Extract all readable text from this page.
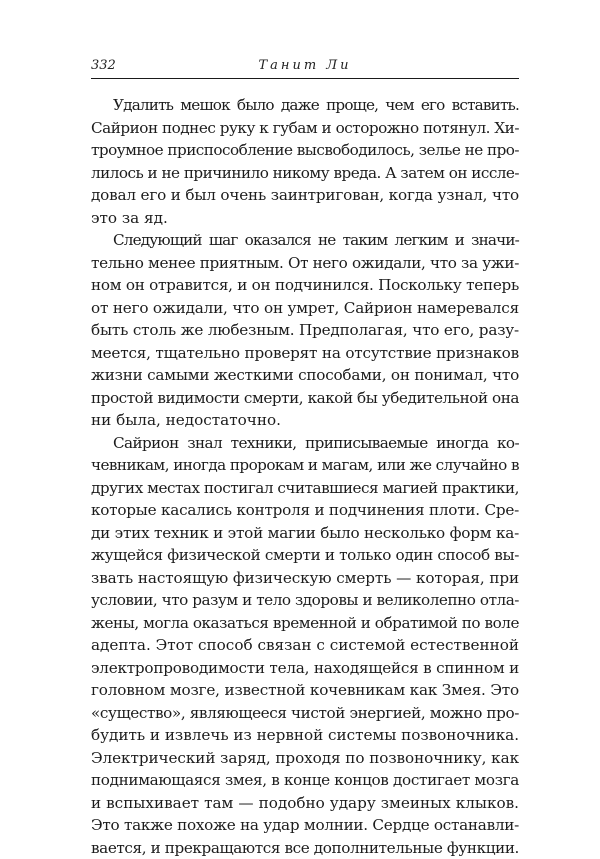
332	Танит Ли

Удалить мешок было даже проще, чем его вставить.
Сайрион поднес руку к губам и осторожно потянул. Хи-
троумное приспособление высвободилось, зелье не про-
лилось и не причинило никому вреда. А затем он иссле-
довал его и был очень заинтригован, когда узнал, что
это за яд.

Следующий шаг оказался не таким легким и значи-
тельно менее приятным. От него ожидали, что за ужи-
ном он отравится, и он подчинился. Поскольку теперь
от него ожидали, что он умрет, Сайрион намеревался
быть столь же любезным. Предполагая, что его, разу-
меется, тщательно проверят на отсутствие признаков
жизни самыми жесткими способами, он понимал, что
простой видимости смерти, какой бы убедительной она
ни была, недостаточно.

Сайрион знал техники, приписываемые иногда ко-
чевникам, иногда пророкам и магам, или же случайно в
других местах постигал считавшиеся магией практики,
которые касались контроля и подчинения плоти. Сре-
ди этих техник и этой магии было несколько форм ка-
жущейся физической смерти и только один способ вы-
звать настоящую физическую смерть — которая, при
условии, что разум и тело здоровы и великолепно отла-
жены, могла оказаться временной и обратимой по воле
адепта. Этот способ связан с системой естественной
электропроводимости тела, находящейся в спинном и
головном мозге, известной кочевникам как Змея. Это
«существо», являющееся чистой энергией, можно про-
будить и извлечь из нервной системы позвоночника.
Электрический заряд, проходя по позвоночнику, как
поднимающаяся змея, в конце концов достигает мозга
и вспыхивает там — подобно удару змеиных клыков.
Это также похоже на удар молнии. Сердце останавли-
вается, и прекращаются все дополнительные функции.
